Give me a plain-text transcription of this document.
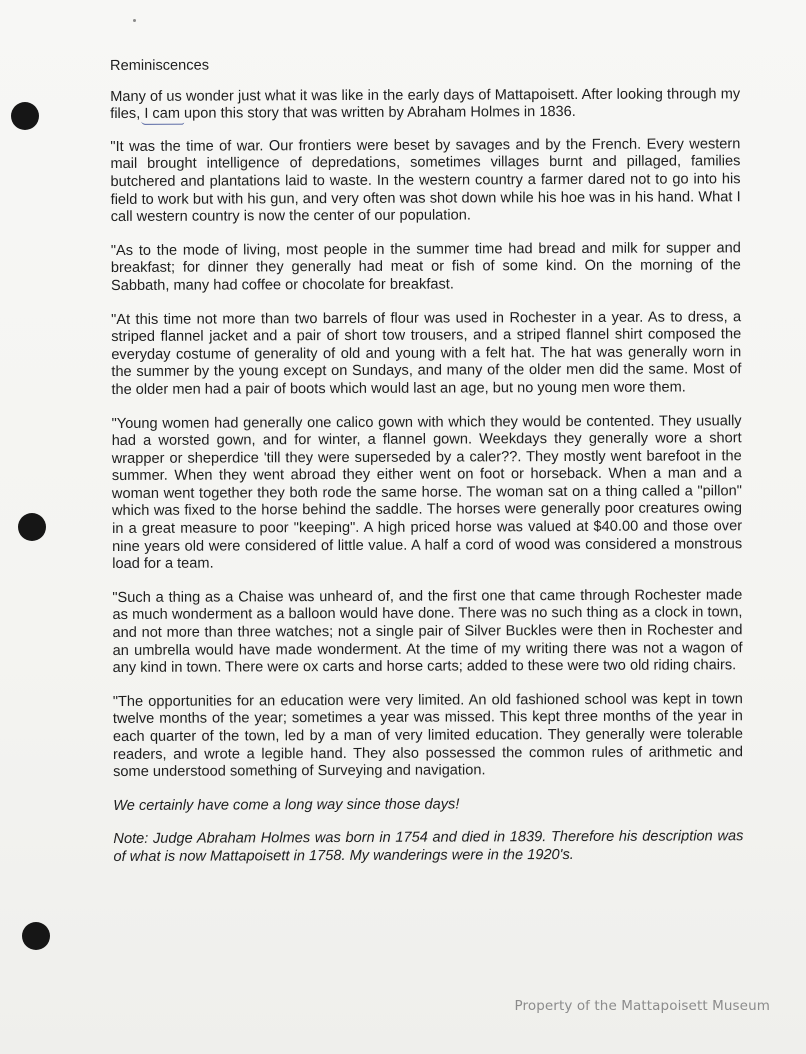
Reminiscences

Many of us wonder just what it was like in the early days of Mattapoisett. After looking through my files, I cam upon this story that was written by Abraham Holmes in 1836.

"It was the time of war. Our frontiers were beset by savages and by the French. Every western mail brought intelligence of depredations, sometimes villages burnt and pillaged, families butchered and plantations laid to waste. In the western country a farmer dared not to go into his field to work but with his gun, and very often was shot down while his hoe was in his hand. What I call western country is now the center of our population.

"As to the mode of living, most people in the summer time had bread and milk for supper and breakfast; for dinner they generally had meat or fish of some kind. On the morning of the Sabbath, many had coffee or chocolate for breakfast.

"At this time not more than two barrels of flour was used in Rochester in a year. As to dress, a striped flannel jacket and a pair of short tow trousers, and a striped flannel shirt composed the everyday costume of generality of old and young with a felt hat. The hat was generally worn in the summer by the young except on Sundays, and many of the older men did the same. Most of the older men had a pair of boots which would last an age, but no young men wore them.

"Young women had generally one calico gown with which they would be contented. They usually had a worsted gown, and for winter, a flannel gown. Weekdays they generally wore a short wrapper or sheperdice 'till they were superseded by a caler??. They mostly went barefoot in the summer. When they went abroad they either went on foot or horseback. When a man and a woman went together they both rode the same horse. The woman sat on a thing called a "pillon" which was fixed to the horse behind the saddle. The horses were generally poor creatures owing in a great measure to poor "keeping". A high priced horse was valued at $40.00 and those over nine years old were considered of little value. A half a cord of wood was considered a monstrous load for a team.

"Such a thing as a Chaise was unheard of, and the first one that came through Rochester made as much wonderment as a balloon would have done. There was no such thing as a clock in town, and not more than three watches; not a single pair of Silver Buckles were then in Rochester and an umbrella would have made wonderment. At the time of my writing there was not a wagon of any kind in town. There were ox carts and horse carts; added to these were two old riding chairs.

"The opportunities for an education were very limited. An old fashioned school was kept in town twelve months of the year; sometimes a year was missed. This kept three months of the year in each quarter of the town, led by a man of very limited education. They generally were tolerable readers, and wrote a legible hand. They also possessed the common rules of arithmetic and some understood something of Surveying and navigation.

We certainly have come a long way since those days!

Note: Judge Abraham Holmes was born in 1754 and died in 1839. Therefore his description was of what is now Mattapoisett in 1758. My wanderings were in the 1920's.

Property of the Mattapoisett Museum
